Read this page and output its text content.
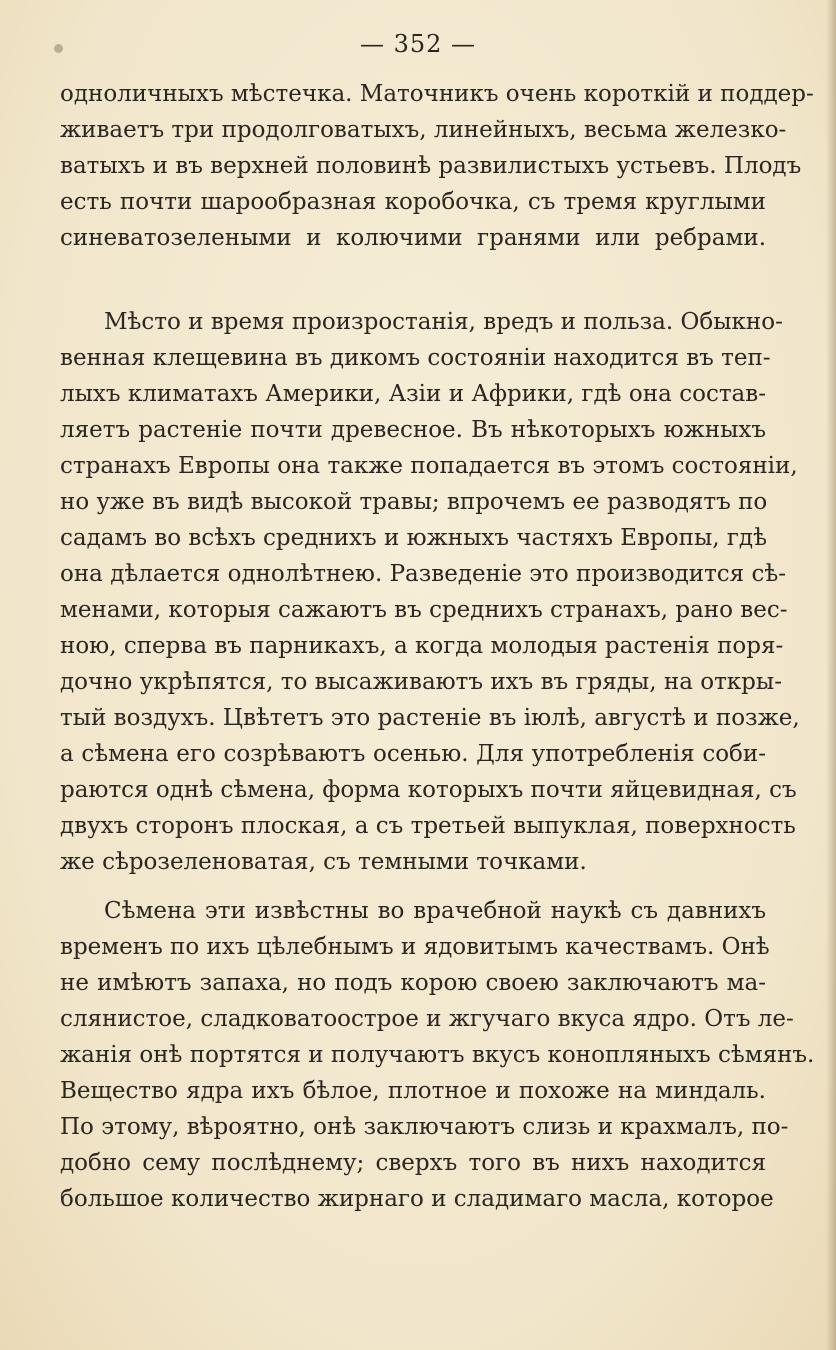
— 352 —
одноличныхъ мѣстечка. Маточникъ очень короткій и поддер-
живаетъ три продолговатыхъ, линейныхъ, весьма железко-
ватыхъ и въ верхней половинѣ развилистыхъ устьевъ. Плодъ
есть почти шарообразная коробочка, съ тремя круглыми
синеватозелеными и колючими гранями или ребрами.
Мѣсто и время произростанія, вредъ и польза. Обыкно-
венная клещевина въ дикомъ состояніи находится въ теп-
лыхъ климатахъ Америки, Азіи и Африки, гдѣ она состав-
ляетъ растеніе почти древесное. Въ нѣкоторыхъ южныхъ
странахъ Европы она также попадается въ этомъ состояніи,
но уже въ видѣ высокой травы; впрочемъ ее разводятъ по
садамъ во всѣхъ среднихъ и южныхъ частяхъ Европы, гдѣ
она дѣлается однолѣтнею. Разведеніе это производится сѣ-
менами, которыя сажаютъ въ среднихъ странахъ, рано вес-
ною, сперва въ парникахъ, а когда молодыя растенія поря-
дочно укрѣпятся, то высаживаютъ ихъ въ гряды, на откры-
тый воздухъ. Цвѣтетъ это растеніе въ іюлѣ, августѣ и позже,
а сѣмена его созрѣваютъ осенью. Для употребленія соби-
раются однѣ сѣмена, форма которыхъ почти яйцевидная, съ
двухъ сторонъ плоская, а съ третьей выпуклая, поверхность
же сѣрозеленоватая, съ темными точками.
Сѣмена эти извѣстны во врачебной наукѣ съ давнихъ
временъ по ихъ цѣлебнымъ и ядовитымъ качествамъ. Онѣ
не имѣютъ запаха, но подъ корою своею заключаютъ ма-
слянистое, сладковатоострое и жгучаго вкуса ядро. Отъ ле-
жанія онѣ портятся и получаютъ вкусъ конопляныхъ сѣмянъ.
Вещество ядра ихъ бѣлое, плотное и похоже на миндаль.
По этому, вѣроятно, онѣ заключаютъ слизь и крахмалъ, по-
добно сему послѣднему; сверхъ того въ нихъ находится
большое количество жирнаго и сладимаго масла, которое
